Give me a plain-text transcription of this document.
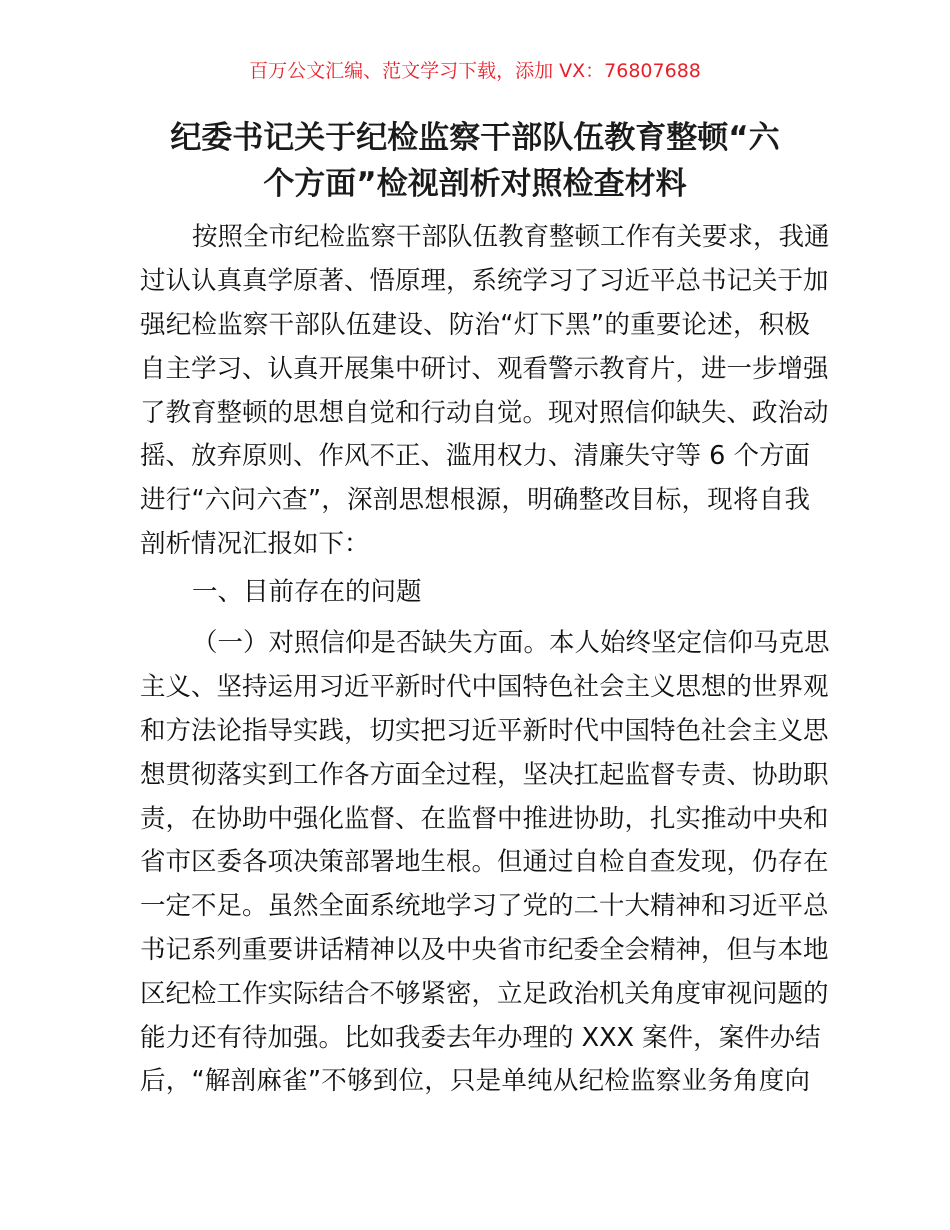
百万公文汇编、范文学习下载，添加 VX：76807688
纪委书记关于纪检监察干部队伍教育整顿“六
个方面”检视剖析对照检查材料
按照全市纪检监察干部队伍教育整顿工作有关要求，我通
过认认真真学原著、悟原理，系统学习了习近平总书记关于加
强纪检监察干部队伍建设、防治“灯下黑”的重要论述，积极
自主学习、认真开展集中研讨、观看警示教育片，进一步增强
了教育整顿的思想自觉和行动自觉。现对照信仰缺失、政治动
摇、放弃原则、作风不正、滥用权力、清廉失守等 6 个方面
进行“六问六查”，深剖思想根源，明确整改目标，现将自我
剖析情况汇报如下：
一、目前存在的问题
（一）对照信仰是否缺失方面。本人始终坚定信仰马克思
主义、坚持运用习近平新时代中国特色社会主义思想的世界观
和方法论指导实践，切实把习近平新时代中国特色社会主义思
想贯彻落实到工作各方面全过程，坚决扛起监督专责、协助职
责，在协助中强化监督、在监督中推进协助，扎实推动中央和
省市区委各项决策部署地生根。但通过自检自查发现，仍存在
一定不足。虽然全面系统地学习了党的二十大精神和习近平总
书记系列重要讲话精神以及中央省市纪委全会精神，但与本地
区纪检工作实际结合不够紧密，立足政治机关角度审视问题的
能力还有待加强。比如我委去年办理的 XXX 案件，案件办结
后，“解剖麻雀”不够到位，只是单纯从纪检监察业务角度向
